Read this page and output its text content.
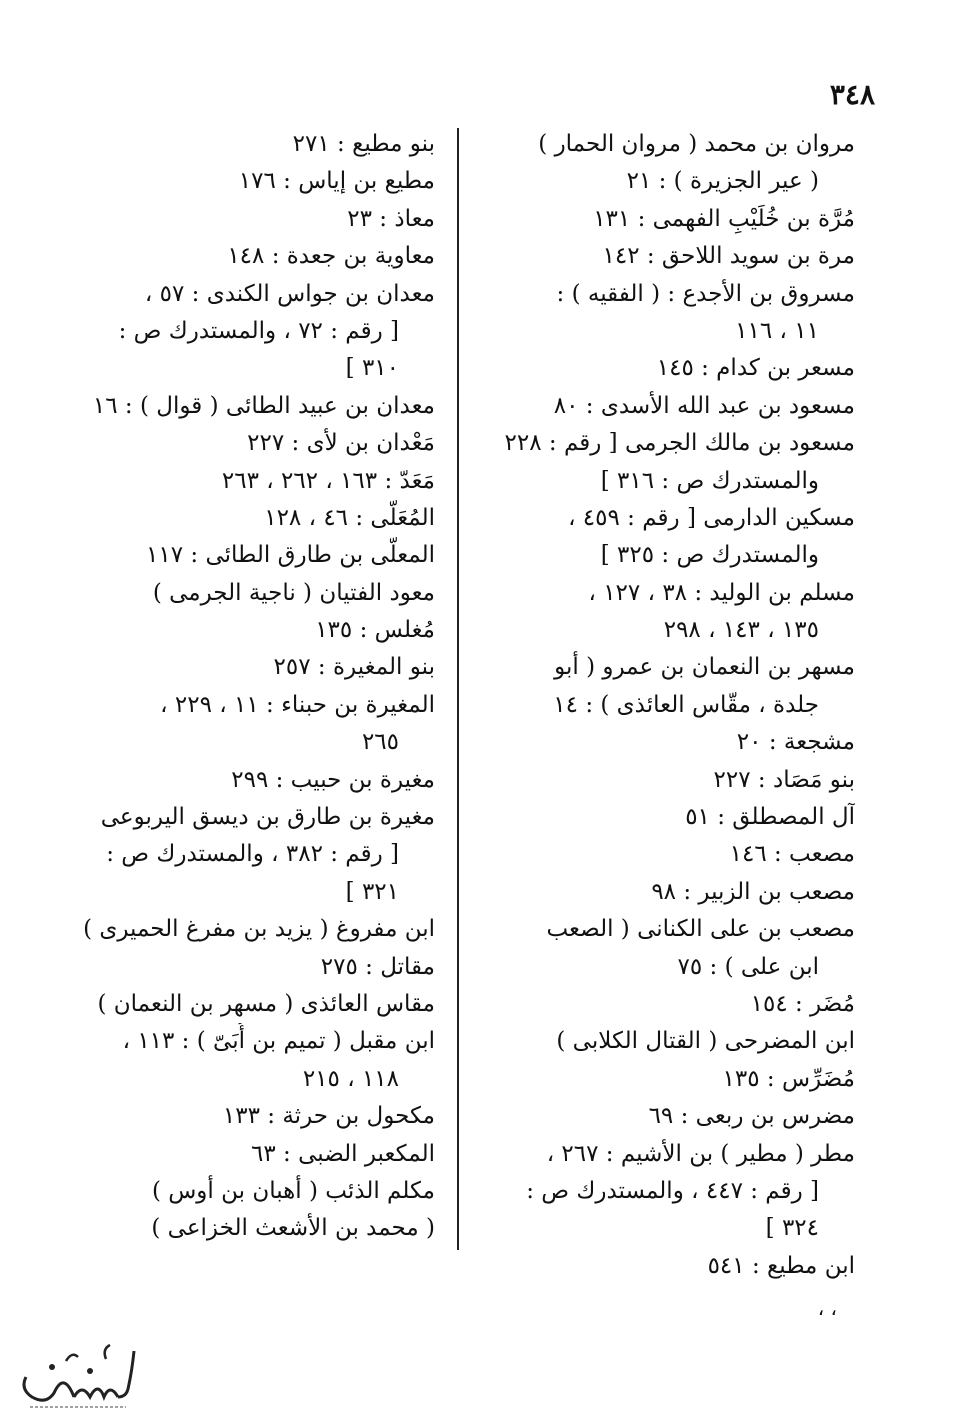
٣٤٨
مروان بن محمد ( مروان الحمار )
( عير الجزيرة ) : ٢١
مُرَّة بن خُلَيْبِ الفهمى : ١٣١
مرة بن سويد اللاحق : ١٤٢
مسروق بن الأجدع : ( الفقيه ) :
١١ ، ١١٦
مسعر بن كدام : ١٤٥
مسعود بن عبد الله الأسدى : ٨٠
مسعود بن مالك الجرمى [ رقم : ٢٢٨
والمستدرك ص : ٣١٦ ]
مسكين الدارمى [ رقم : ٤٥٩ ،
والمستدرك ص : ٣٢٥ ]
مسلم بن الوليد : ٣٨ ، ١٢٧ ،
١٣٥ ، ١٤٣ ، ٢٩٨
مسهر بن النعمان بن عمرو ( أبو
جلدة ، مقّاس العائذى ) : ١٤
مشجعة : ٢٠
بنو مَصَاد : ٢٢٧
آل المصطلق : ٥١
مصعب : ١٤٦
مصعب بن الزبير : ٩٨
مصعب بن على الكنانى ( الصعب
ابن على ) : ٧٥
مُضَر : ١٥٤
ابن المضرحى ( القتال الكلابى )
مُضَرِّس : ١٣٥
مضرس بن ربعى : ٦٩
مطر ( مطير ) بن الأشيم : ٢٦٧ ،
[ رقم : ٤٤٧ ، والمستدرك ص :
٣٢٤ ]
ابن مطيع : ٥٤١
بنو مطيع : ٢٧١
مطيع بن إياس : ١٧٦
معاذ : ٢٣
معاوية بن جعدة : ١٤٨
معدان بن جواس الكندى : ٥٧ ،
[ رقم : ٧٢ ، والمستدرك ص :
٣١٠ ]
معدان بن عبيد الطائى ( قوال ) : ١٦
مَعْدان بن لأى : ٢٢٧
مَعَدّ : ١٦٣ ، ٢٦٢ ، ٢٦٣
المُعَلَّى : ٤٦ ، ١٢٨
المعلَّى بن طارق الطائى : ١١٧
معود الفتيان ( ناجية الجرمى )
مُغلس : ١٣٥
بنو المغيرة : ٢٥٧
المغيرة بن حبناء : ١١ ، ٢٢٩ ،
٢٦٥
مغيرة بن حبيب : ٢٩٩
مغيرة بن طارق بن ديسق اليربوعى
[ رقم : ٣٨٢ ، والمستدرك ص :
٣٢١ ]
ابن مفروغ ( يزيد بن مفرغ الحميرى )
مقاتل : ٢٧٥
مقاس العائذى ( مسهر بن النعمان )
ابن مقبل ( تميم بن أُبَىّ ) : ١١٣ ،
١١٨ ، ٢١٥
مكحول بن حرثة : ١٣٣
المكعبر الضبى : ٦٣
مكلم الذئب ( أهبان بن أوس )
( محمد بن الأشعث الخزاعى )
، ،
